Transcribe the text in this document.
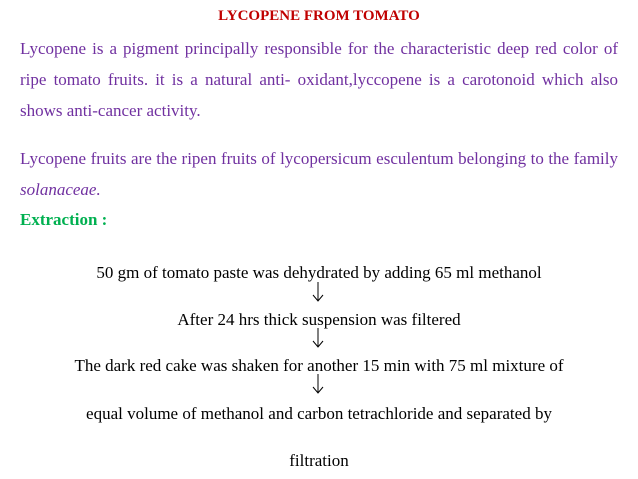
LYCOPENE FROM TOMATO

Lycopene is a pigment principally responsible for the characteristic deep red color of ripe tomato fruits. it is a natural anti- oxidant,lyccopene is a carotonoid which also shows anti-cancer activity.

Lycopene fruits are the ripen fruits of lycopersicum esculentum belonging to the family solanaceae.

Extraction :
50 gm of tomato paste was dehydrated by adding 65 ml methanol
After 24 hrs thick suspension was filtered
The dark red cake was shaken for another 15 min with 75 ml mixture of
equal volume of methanol and carbon tetrachloride and separated by
filtration
